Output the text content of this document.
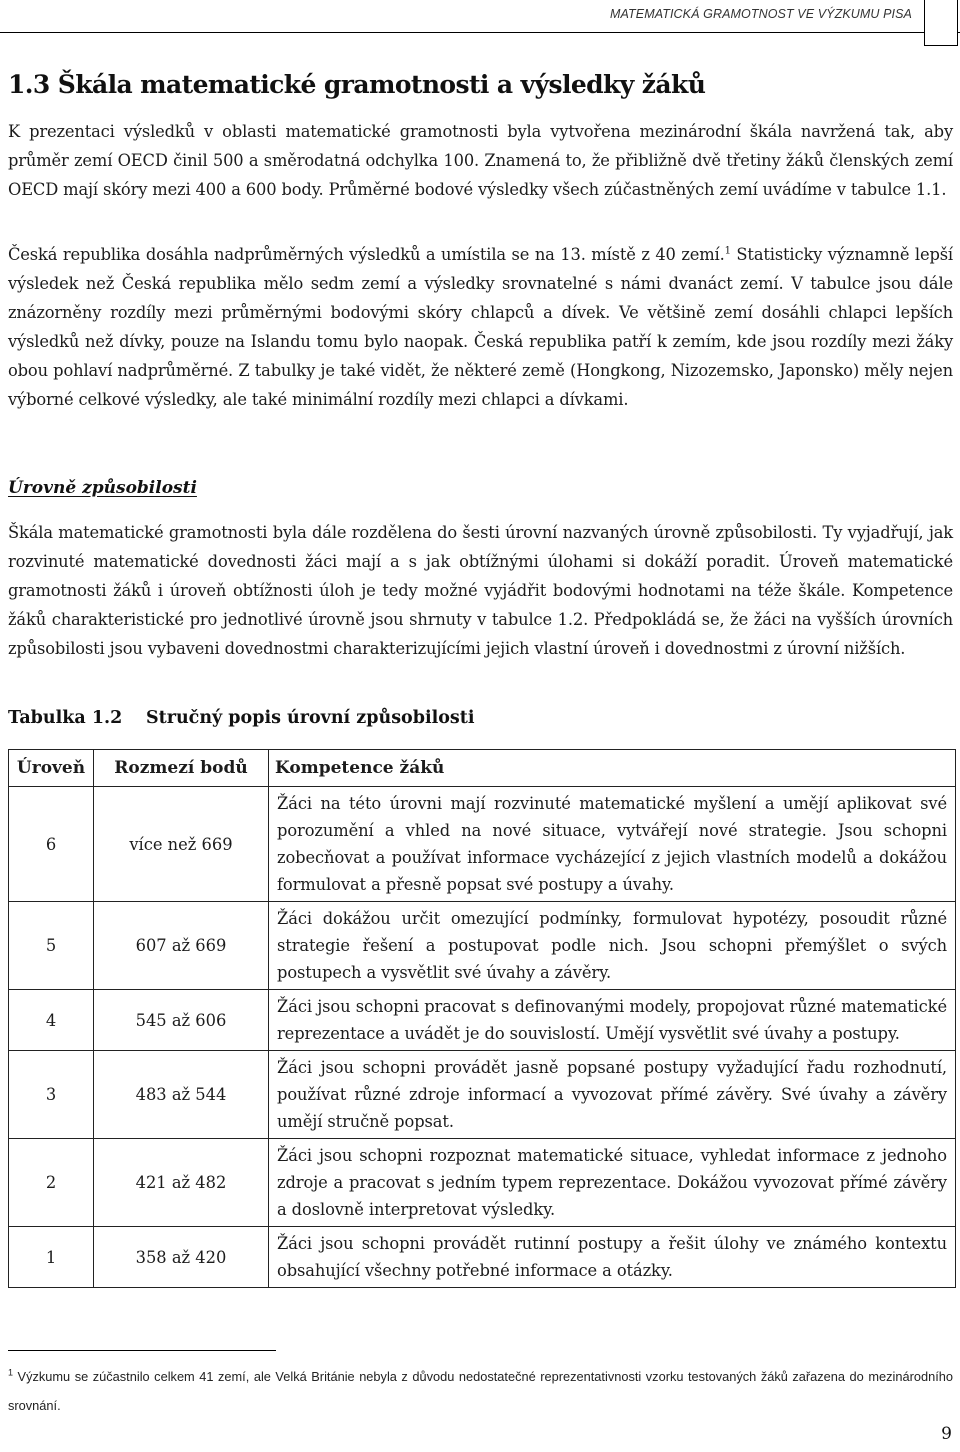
MATEMATICKÁ GRAMOTNOST VE VÝZKUMU PISA
1.3 Škála matematické gramotnosti a výsledky žáků

K prezentaci výsledků v oblasti matematické gramotnosti byla vytvořena mezinárodní škála navržená tak, aby průměr zemí OECD činil 500 a směrodatná odchylka 100. Znamená to, že přibližně dvě třetiny žáků členských zemí OECD mají skóry mezi 400 a 600 body. Průměrné bodové výsledky všech zúčastněných zemí uvádíme v tabulce 1.1.

Česká republika dosáhla nadprůměrných výsledků a umístila se na 13. místě z 40 zemí.$^1$ Statisticky významně lepší výsledek než Česká republika mělo sedm zemí a výsledky srovnatelné s námi dvanáct zemí. V tabulce jsou dále znázorněny rozdíly mezi průměrnými bodovými skóry chlapců a dívek. Ve většině zemí dosáhli chlapci lepších výsledků než dívky, pouze na Islandu tomu bylo naopak. Česká republika patří k zemím, kde jsou rozdíly mezi žáky obou pohlaví nadprůměrné. Z tabulky je také vidět, že některé země (Hongkong, Nizozemsko, Japonsko) měly nejen výborné celkové výsledky, ale také minimální rozdíly mezi chlapci a dívkami.

Úrovně způsobilosti

Škála matematické gramotnosti byla dále rozdělena do šesti úrovní nazvaných úrovně způsobilosti. Ty vyjadřují, jak rozvinuté matematické dovednosti žáci mají a s jak obtížnými úlohami si dokáží poradit. Úroveň matematické gramotnosti žáků i úroveň obtížnosti úloh je tedy možné vyjádřit bodovými hodnotami na téže škále. Kompetence žáků charakteristické pro jednotlivé úrovně jsou shrnuty v tabulce 1.2. Předpokládá se, že žáci na vyšších úrovních způsobilosti jsou vybaveni dovednostmi charakterizujícími jejich vlastní úroveň i dovednostmi z úrovní nižších.

Tabulka 1.2 Stručný popis úrovní způsobilosti
Úroveň	Rozmezí bodů	Kompetence žáků
6	více než 669	Žáci na této úrovni mají rozvinuté matematické myšlení a umějí aplikovat své porozumění a vhled na nové situace, vytvářejí nové strategie. Jsou schopni zobecňovat a používat informace vycházející z jejich vlastních modelů a dokážou formulovat a přesně popsat své postupy a úvahy.
5	607 až 669	Žáci dokážou určit omezující podmínky, formulovat hypotézy, posoudit různé strategie řešení a postupovat podle nich. Jsou schopni přemýšlet o svých postupech a vysvětlit své úvahy a závěry.
4	545 až 606	Žáci jsou schopni pracovat s definovanými modely, propojovat různé matematické reprezentace a uvádět je do souvislostí. Umějí vysvětlit své úvahy a postupy.
3	483 až 544	Žáci jsou schopni provádět jasně popsané postupy vyžadující řadu rozhodnutí, používat různé zdroje informací a vyvozovat přímé závěry. Své úvahy a závěry umějí stručně popsat.
2	421 až 482	Žáci jsou schopni rozpoznat matematické situace, vyhledat informace z jednoho zdroje a pracovat s jedním typem reprezentace. Dokážou vyvozovat přímé závěry a doslovně interpretovat výsledky.
1	358 až 420	Žáci jsou schopni provádět rutinní postupy a řešit úlohy ve známého kontextu obsahující všechny potřebné informace a otázky.

$^1$ Výzkumu se zúčastnilo celkem 41 zemí, ale Velká Británie nebyla z důvodu nedostatečné reprezentativnosti vzorku testovaných žáků zařazena do mezinárodního srovnání.

9
